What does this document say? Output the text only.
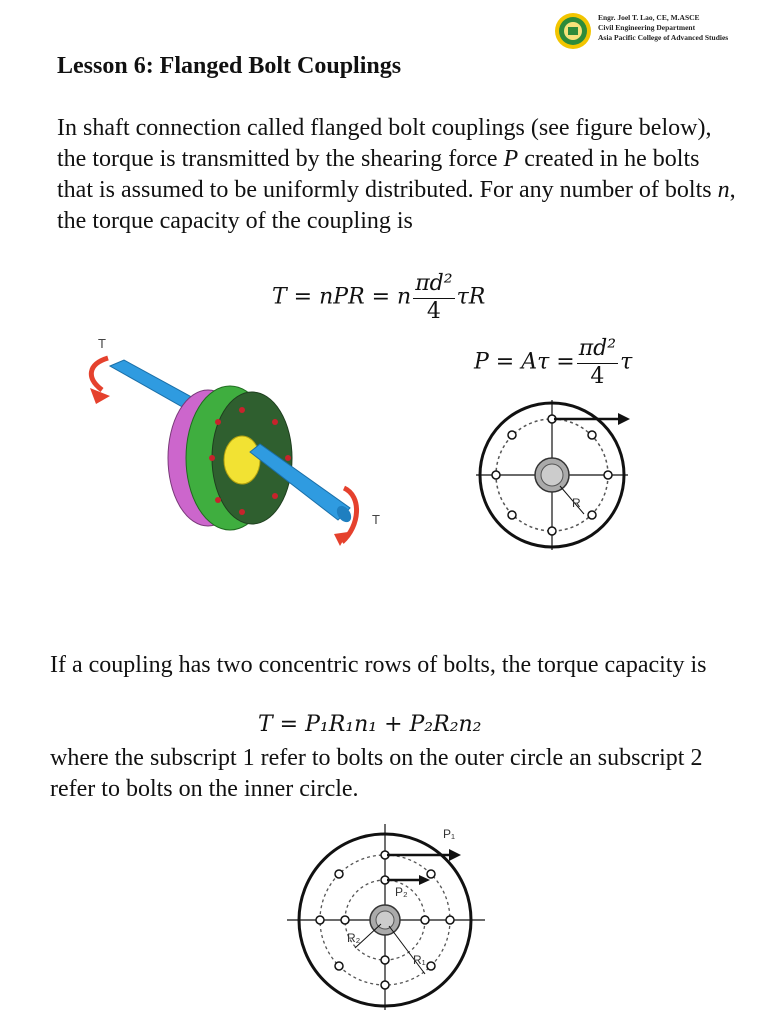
Engr. Joel T. Lao, CE, M.ASCE
Civil Engineering Department
Asia Pacific College of Advanced Studies
Lesson 6: Flanged Bolt Couplings
In shaft connection called flanged bolt couplings (see figure below), the torque is transmitted by the shearing force P created in he bolts that is assumed to be uniformly distributed. For any number of bolts n, the torque capacity of the coupling is
T = nPR = n $\frac{\text{πd²}}{4}$ τR
$P = A\tau = \frac{\text{πd²}}{4}$ τ
T
T
R
If a coupling has two concentric rows of bolts, the torque capacity is
T = P₁R₁n₁ + P₂R₂n₂
where the subscript 1 refer to bolts on the outer circle an subscript 2 refer to bolts on the inner circle.
P₁
P₂
R₂
R₁
